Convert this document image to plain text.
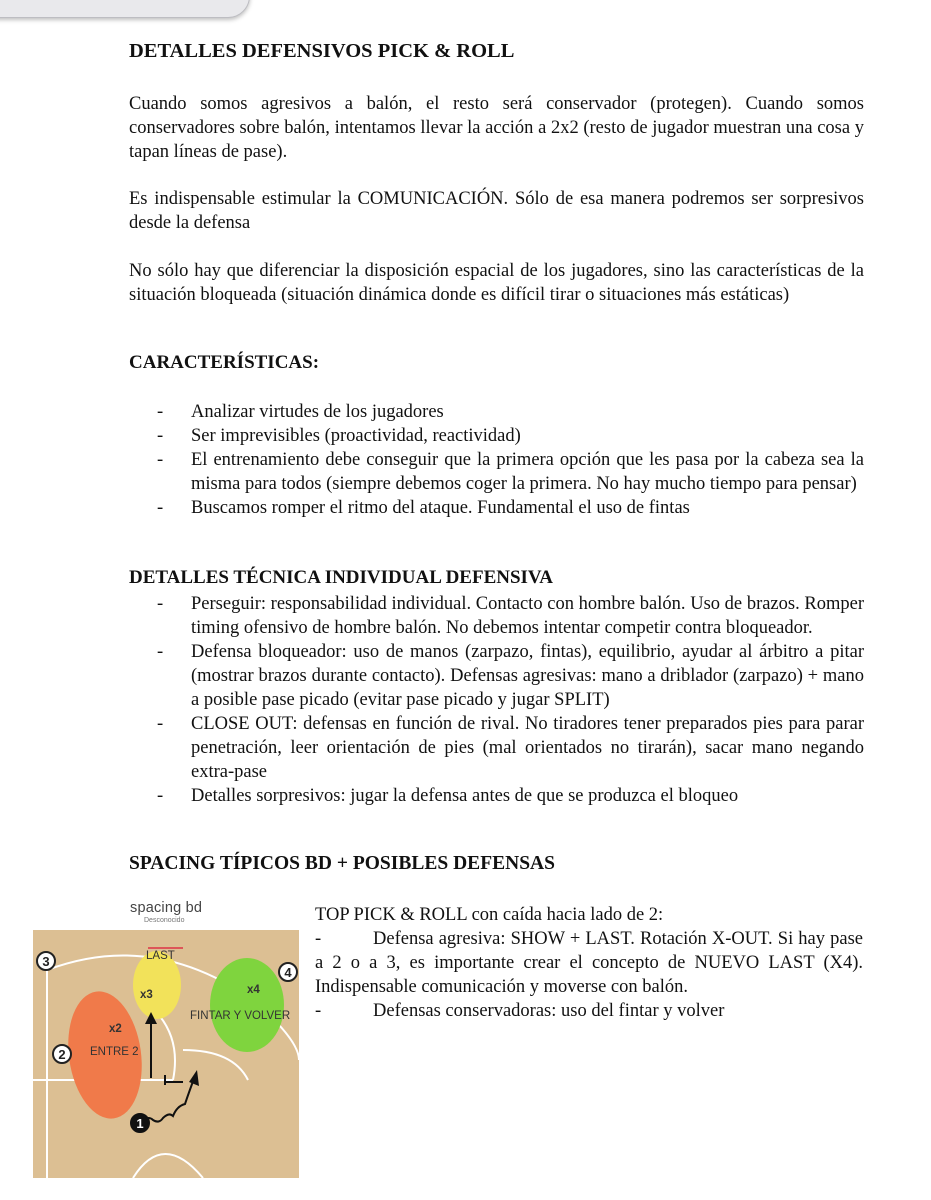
DETALLES DEFENSIVOS PICK & ROLL

Cuando somos agresivos a balón, el resto será conservador (protegen). Cuando somos conservadores sobre balón, intentamos llevar la acción a 2x2 (resto de jugador muestran una cosa y tapan líneas de pase).

Es indispensable estimular la COMUNICACIÓN. Sólo de esa manera podremos ser sorpresivos desde la defensa

No sólo hay que diferenciar la disposición espacial de los jugadores, sino las características de la situación bloqueada (situación dinámica donde es difícil tirar o situaciones más estáticas)

CARACTERÍSTICAS:
- Analizar virtudes de los jugadores
- Ser imprevisibles (proactividad, reactividad)
- El entrenamiento debe conseguir que la primera opción que les pasa por la cabeza sea la misma para todos (siempre debemos coger la primera. No hay mucho tiempo para pensar)
- Buscamos romper el ritmo del ataque. Fundamental el uso de fintas
DETALLES TÉCNICA INDIVIDUAL DEFENSIVA
- Perseguir: responsabilidad individual. Contacto con hombre balón. Uso de brazos. Romper timing ofensivo de hombre balón. No debemos intentar competir contra bloqueador.
- Defensa bloqueador: uso de manos (zarpazo, fintas), equilibrio, ayudar al árbitro a pitar (mostrar brazos durante contacto). Defensas agresivas: mano a driblador (zarpazo) + mano a posible pase picado (evitar pase picado y jugar SPLIT)
- CLOSE OUT: defensas en función de rival. No tiradores tener preparados pies para parar penetración, leer orientación de pies (mal orientados no tirarán), sacar mano negando extra-pase
- Detalles sorpresivos: jugar la defensa antes de que se produzca el bloqueo
SPACING TÍPICOS BD + POSIBLES DEFENSAS
spacing bd
Desconocido
LAST
x3	x4
FINTAR Y VOLVER
x2
ENTRE 2
3
4
2
1

TOP PICK & ROLL con caída hacia lado de 2:

-	Defensa agresiva: SHOW + LAST. Rotación X-OUT. Si hay pase a 2 o a 3, es importante crear el concepto de NUEVO LAST (X4). Indispensable comunicación y moverse con balón.

-	Defensas conservadoras: uso del fintar y volver
